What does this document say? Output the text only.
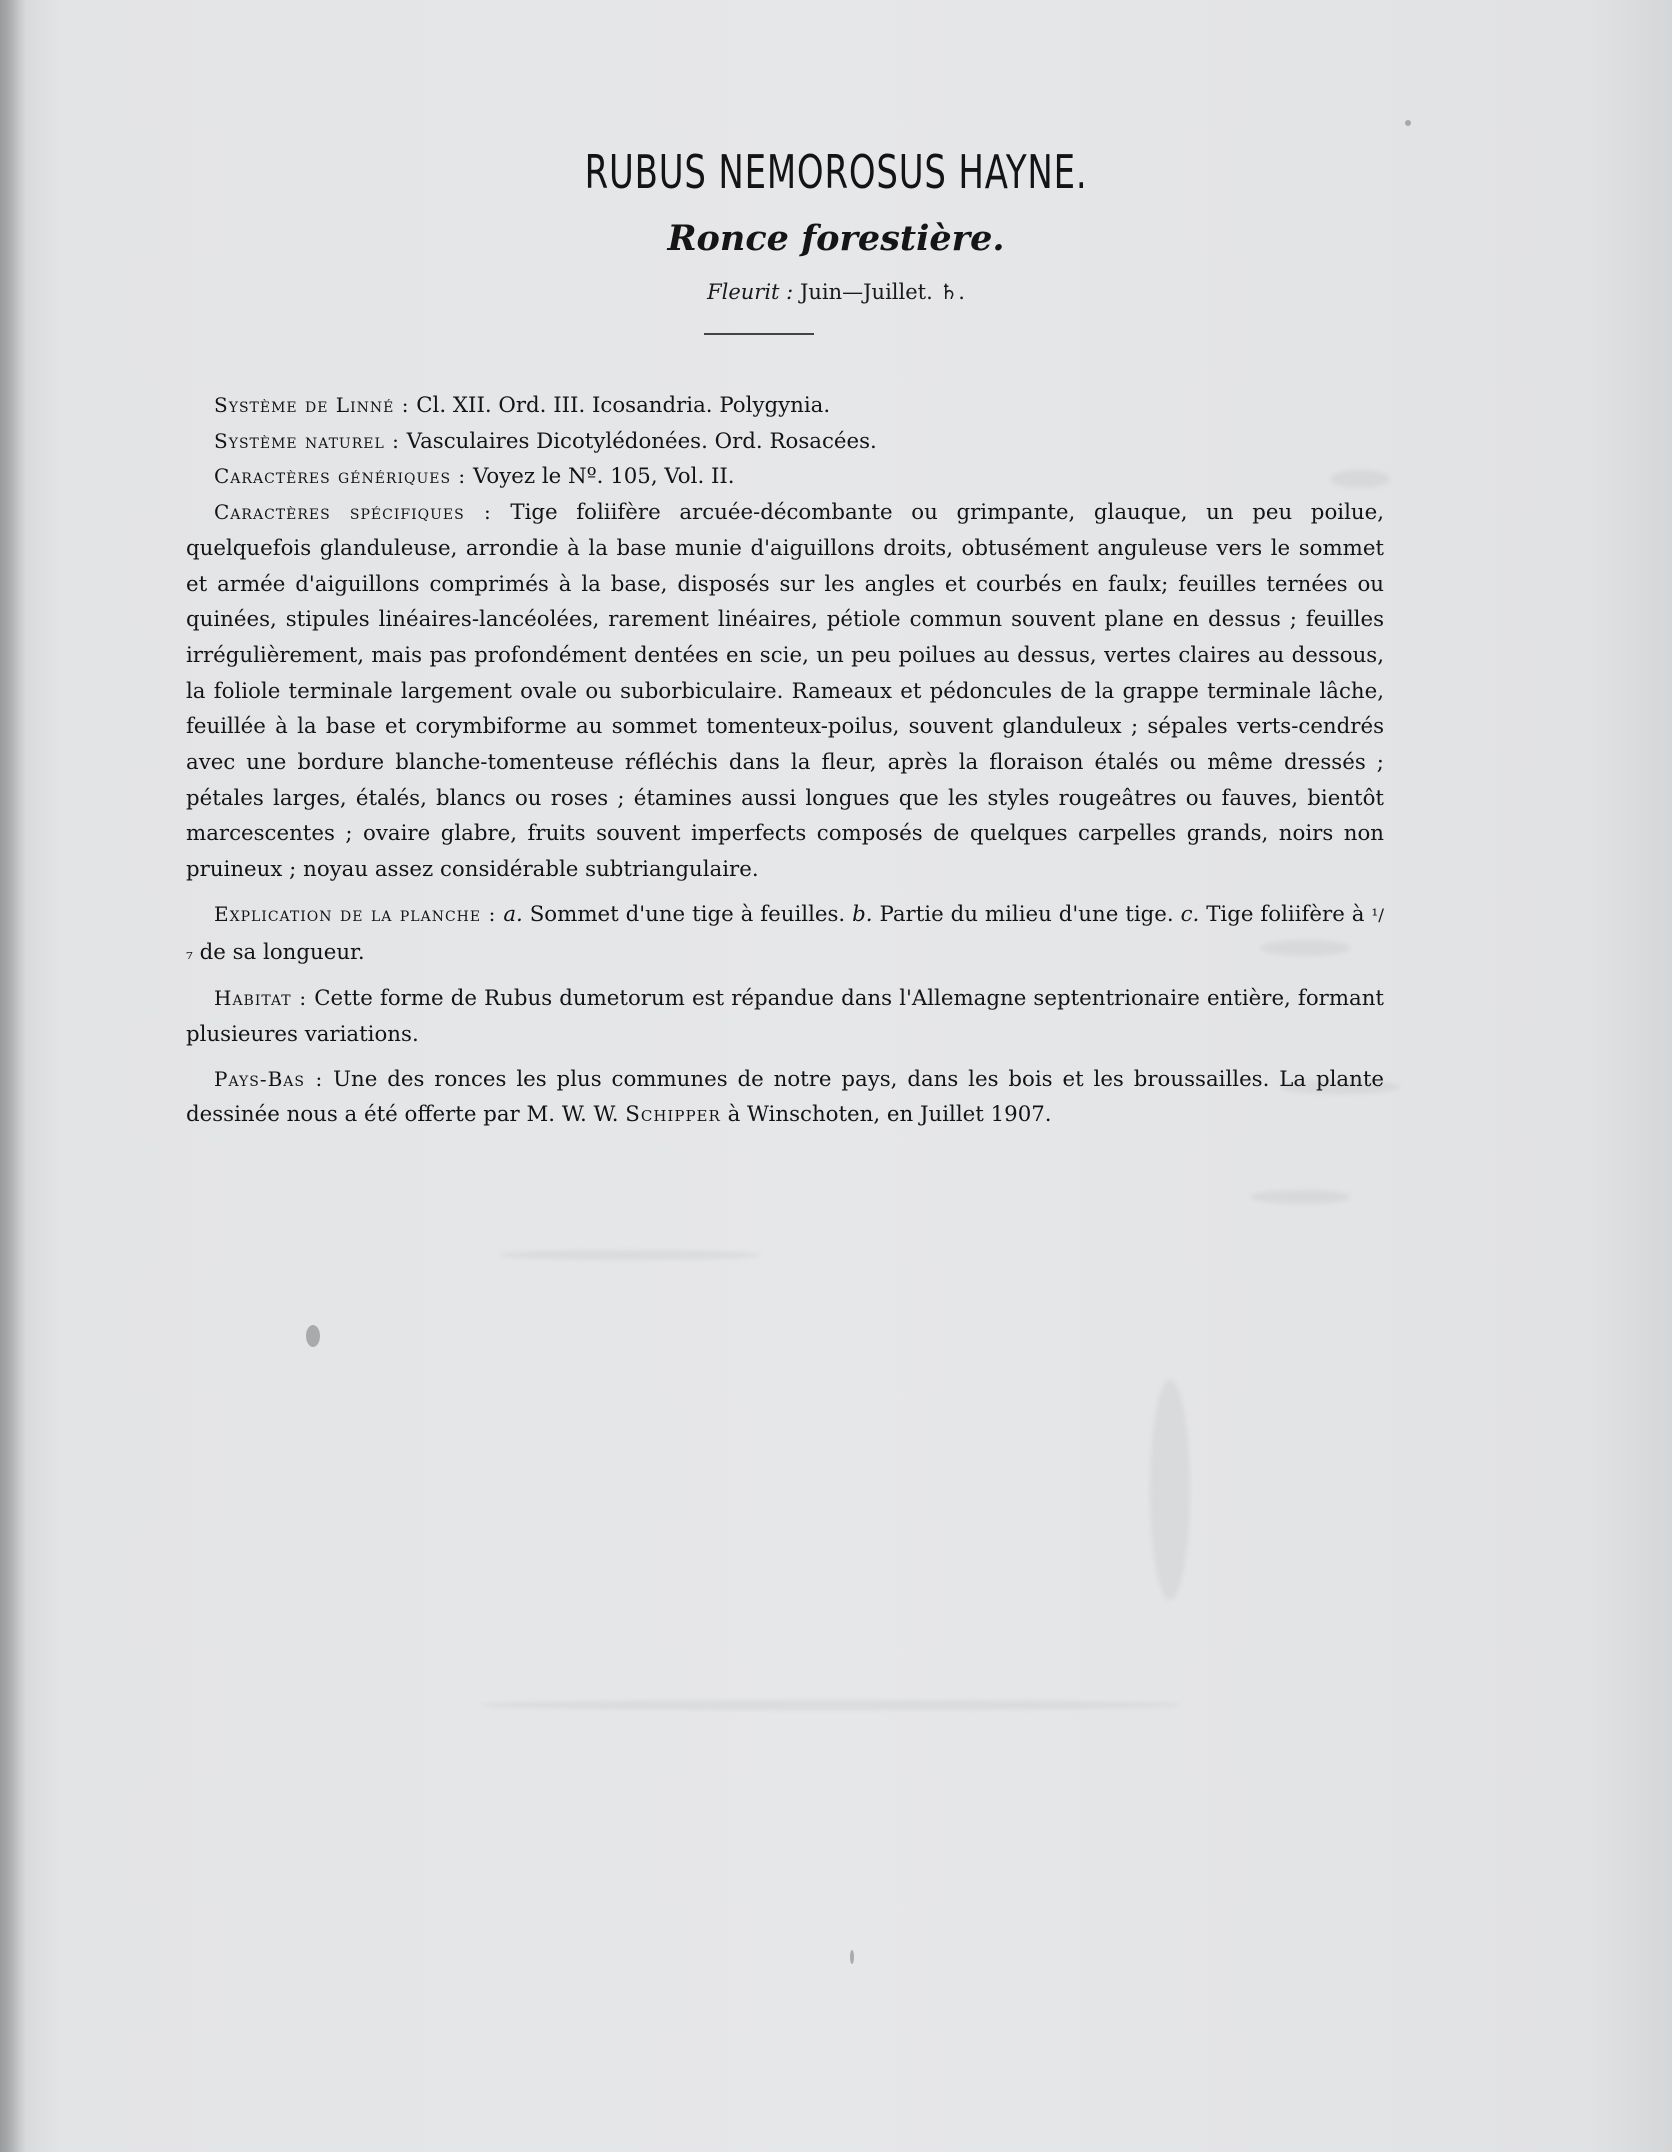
RUBUS NEMOROSUS HAYNE.
Ronce forestière.
Fleurit : Juin—Juillet. ♄.

Système de Linné : Cl. XII. Ord. III. Icosandria. Polygynia.

Système naturel : Vasculaires Dicotylédonées. Ord. Rosacées.

Caractères génériques : Voyez le Nº. 105, Vol. II.

Caractères spécifiques : Tige foliifère arcuée-décombante ou grimpante, glauque, un peu poilue, quelquefois glanduleuse, arrondie à la base munie d'aiguillons droits, obtusément anguleuse vers le sommet et armée d'aiguillons comprimés à la base, disposés sur les angles et courbés en faulx; feuilles ternées ou quinées, stipules linéaires-lancéolées, rarement linéaires, pétiole commun souvent plane en dessus ; feuilles irrégulièrement, mais pas profondément dentées en scie, un peu poilues au dessus, vertes claires au dessous, la foliole terminale largement ovale ou suborbiculaire. Rameaux et pédoncules de la grappe terminale lâche, feuillée à la base et corymbiforme au sommet tomenteux-poilus, souvent glanduleux ; sépales verts-cendrés avec une bordure blanche-tomenteuse réfléchis dans la fleur, après la floraison étalés ou même dressés ; pétales larges, étalés, blancs ou roses ; étamines aussi longues que les styles rougeâtres ou fauves, bientôt marcescentes ; ovaire glabre, fruits souvent imperfects composés de quelques carpelles grands, noirs non pruineux ; noyau assez considérable subtriangulaire.

Explication de la planche : a. Sommet d'une tige à feuilles. b. Partie du milieu d'une tige. c. Tige foliifère à ¹/₇ de sa longueur.

Habitat : Cette forme de Rubus dumetorum est répandue dans l'Allemagne septentrionaire entière, formant plusieures variations.

Pays-Bas : Une des ronces les plus communes de notre pays, dans les bois et les broussailles. La plante dessinée nous a été offerte par M. W. W. Schipper à Winschoten, en Juillet 1907.
